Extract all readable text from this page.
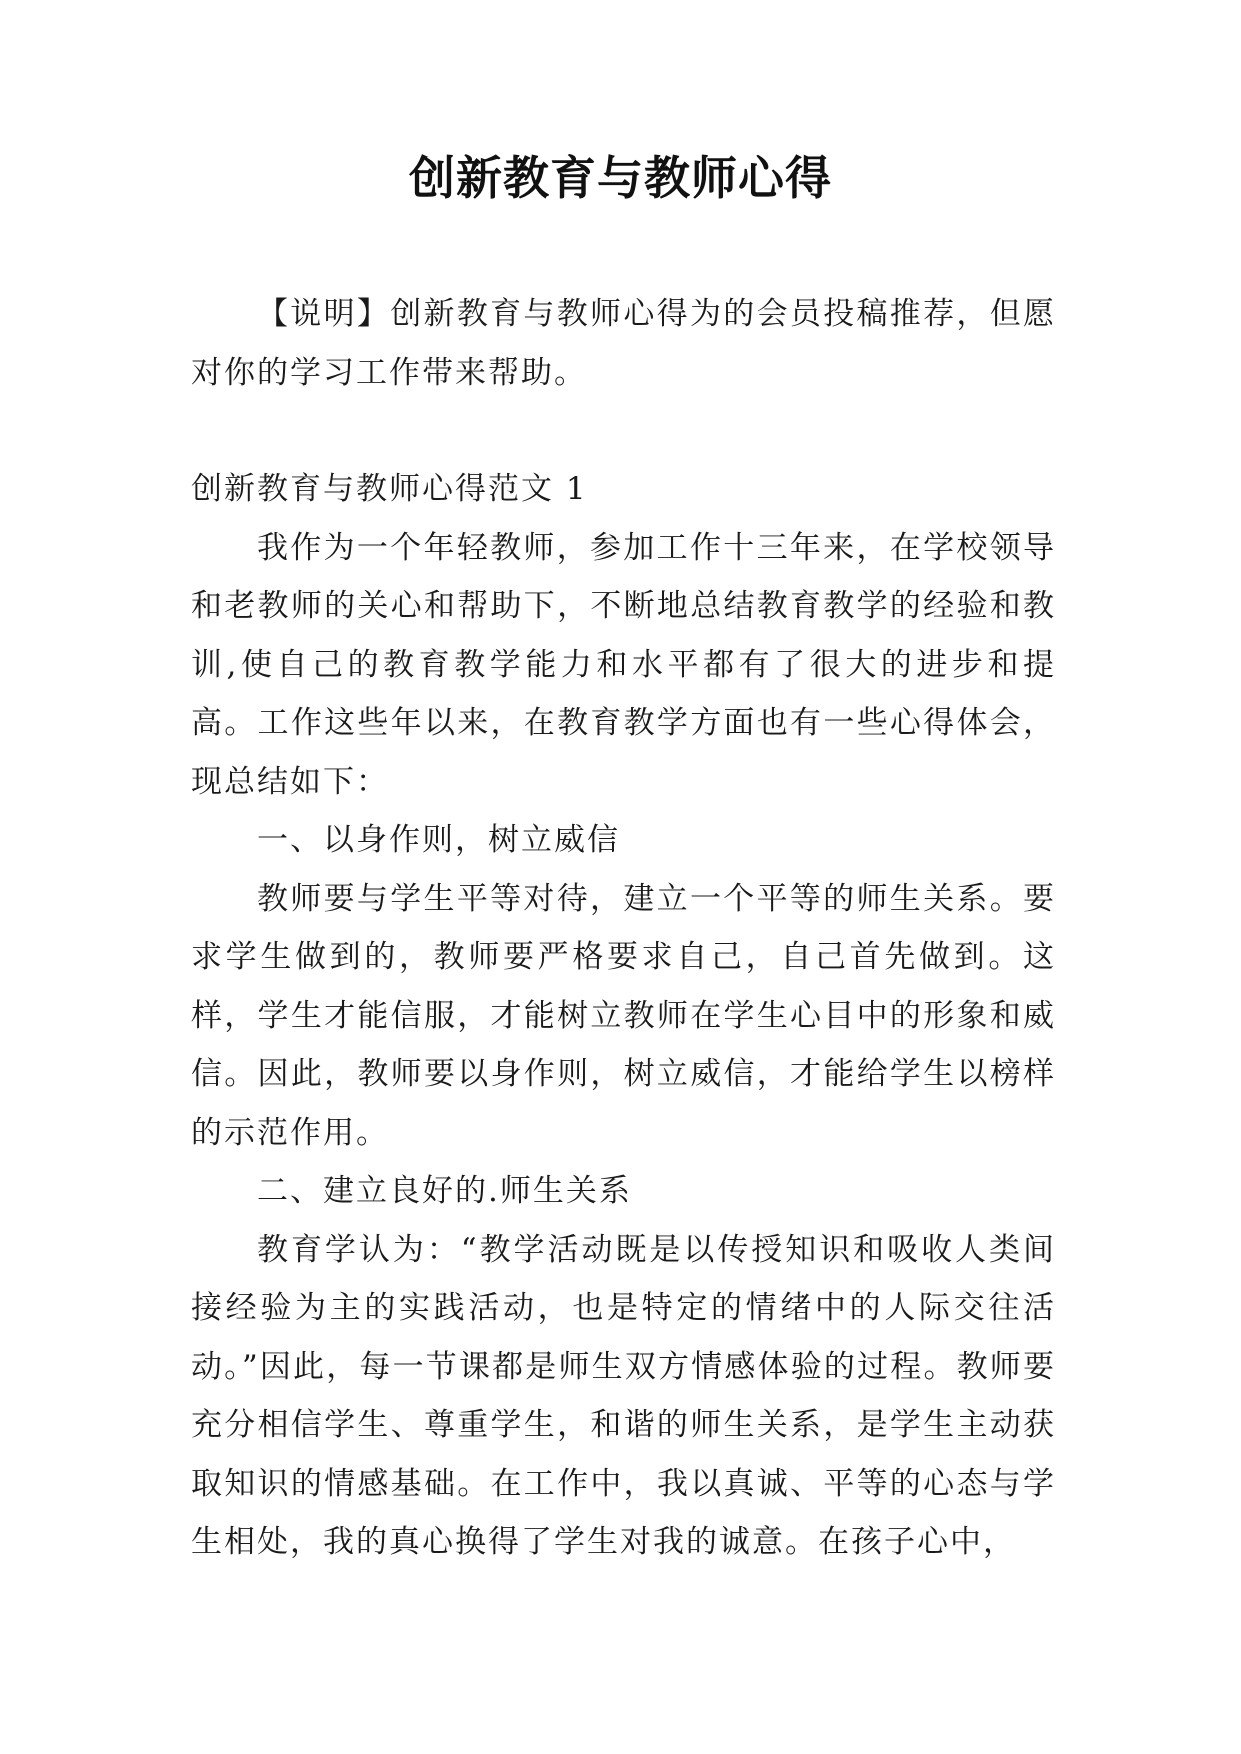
创新教育与教师心得

【说明】创新教育与教师心得为的会员投稿推荐，但愿对你的学习工作带来帮助。

创新教育与教师心得范文 1

我作为一个年轻教师，参加工作十三年来，在学校领导和老教师的关心和帮助下，不断地总结教育教学的经验和教训,使自己的教育教学能力和水平都有了很大的进步和提高。工作这些年以来，在教育教学方面也有一些心得体会，现总结如下：

一、以身作则，树立威信

教师要与学生平等对待，建立一个平等的师生关系。要求学生做到的，教师要严格要求自己，自己首先做到。这样，学生才能信服，才能树立教师在学生心目中的形象和威信。因此，教师要以身作则，树立威信，才能给学生以榜样的示范作用。

二、建立良好的.师生关系

教育学认为：“教学活动既是以传授知识和吸收人类间接经验为主的实践活动，也是特定的情绪中的人际交往活动。”因此，每一节课都是师生双方情感体验的过程。教师要充分相信学生、尊重学生，和谐的师生关系，是学生主动获取知识的情感基础。在工作中，我以真诚、平等的心态与学生相处，我的真心换得了学生对我的诚意。在孩子心中，
